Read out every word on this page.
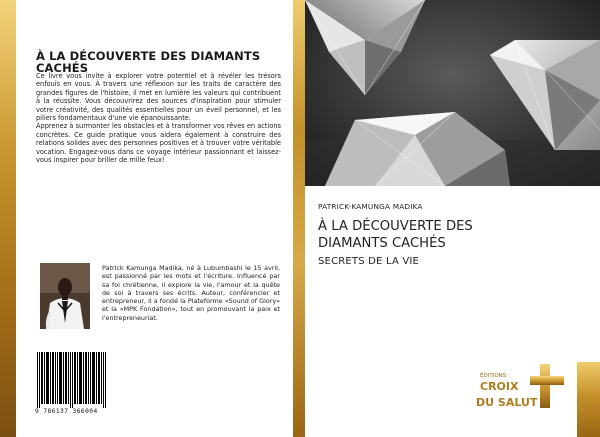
À LA DÉCOUVERTE DES DIAMANTS CACHÉS

Ce livre vous invite à explorer votre potentiel et à révéler les trésors enfouis en vous. À travers une réflexion sur les traits de caractère des grandes figures de l'histoire, il met en lumière les valeurs qui contribuent à la réussite. Vous découvrirez des sources d'inspiration pour stimuler votre créativité, des qualités essentielles pour un éveil personnel, et les piliers fondamentaux d'une vie épanouissante.

Apprenez à surmonter les obstacles et à transformer vos rêves en actions concrètes. Ce guide pratique vous aidera également à construire des relations solides avec des personnes positives et à trouver votre véritable vocation. Engagez-vous dans ce voyage intérieur passionnant et laissez-vous inspirer pour briller de mille feux!

Patrick Kamunga Madika, né à Lubumbashi le 15 avril, est passionné par les mots et l'écriture. Influencé par sa foi chrétienne, il explore la vie, l'amour et la quête de soi à travers ses écrits. Auteur, conférencier et entrepreneur, il a fondé la Plateforme «Sound of Glory» et la «MPK Fondation», tout en promouvant la paix et l'entrepreneuriat.

9 786137 366004
PATRICK-KAMUNGA MADIKA
À LA DÉCOUVERTE DES
DIAMANTS CACHÉS
SECRETS DE LA VIE
ÉDITIONS
CROIX
DU SALUT
